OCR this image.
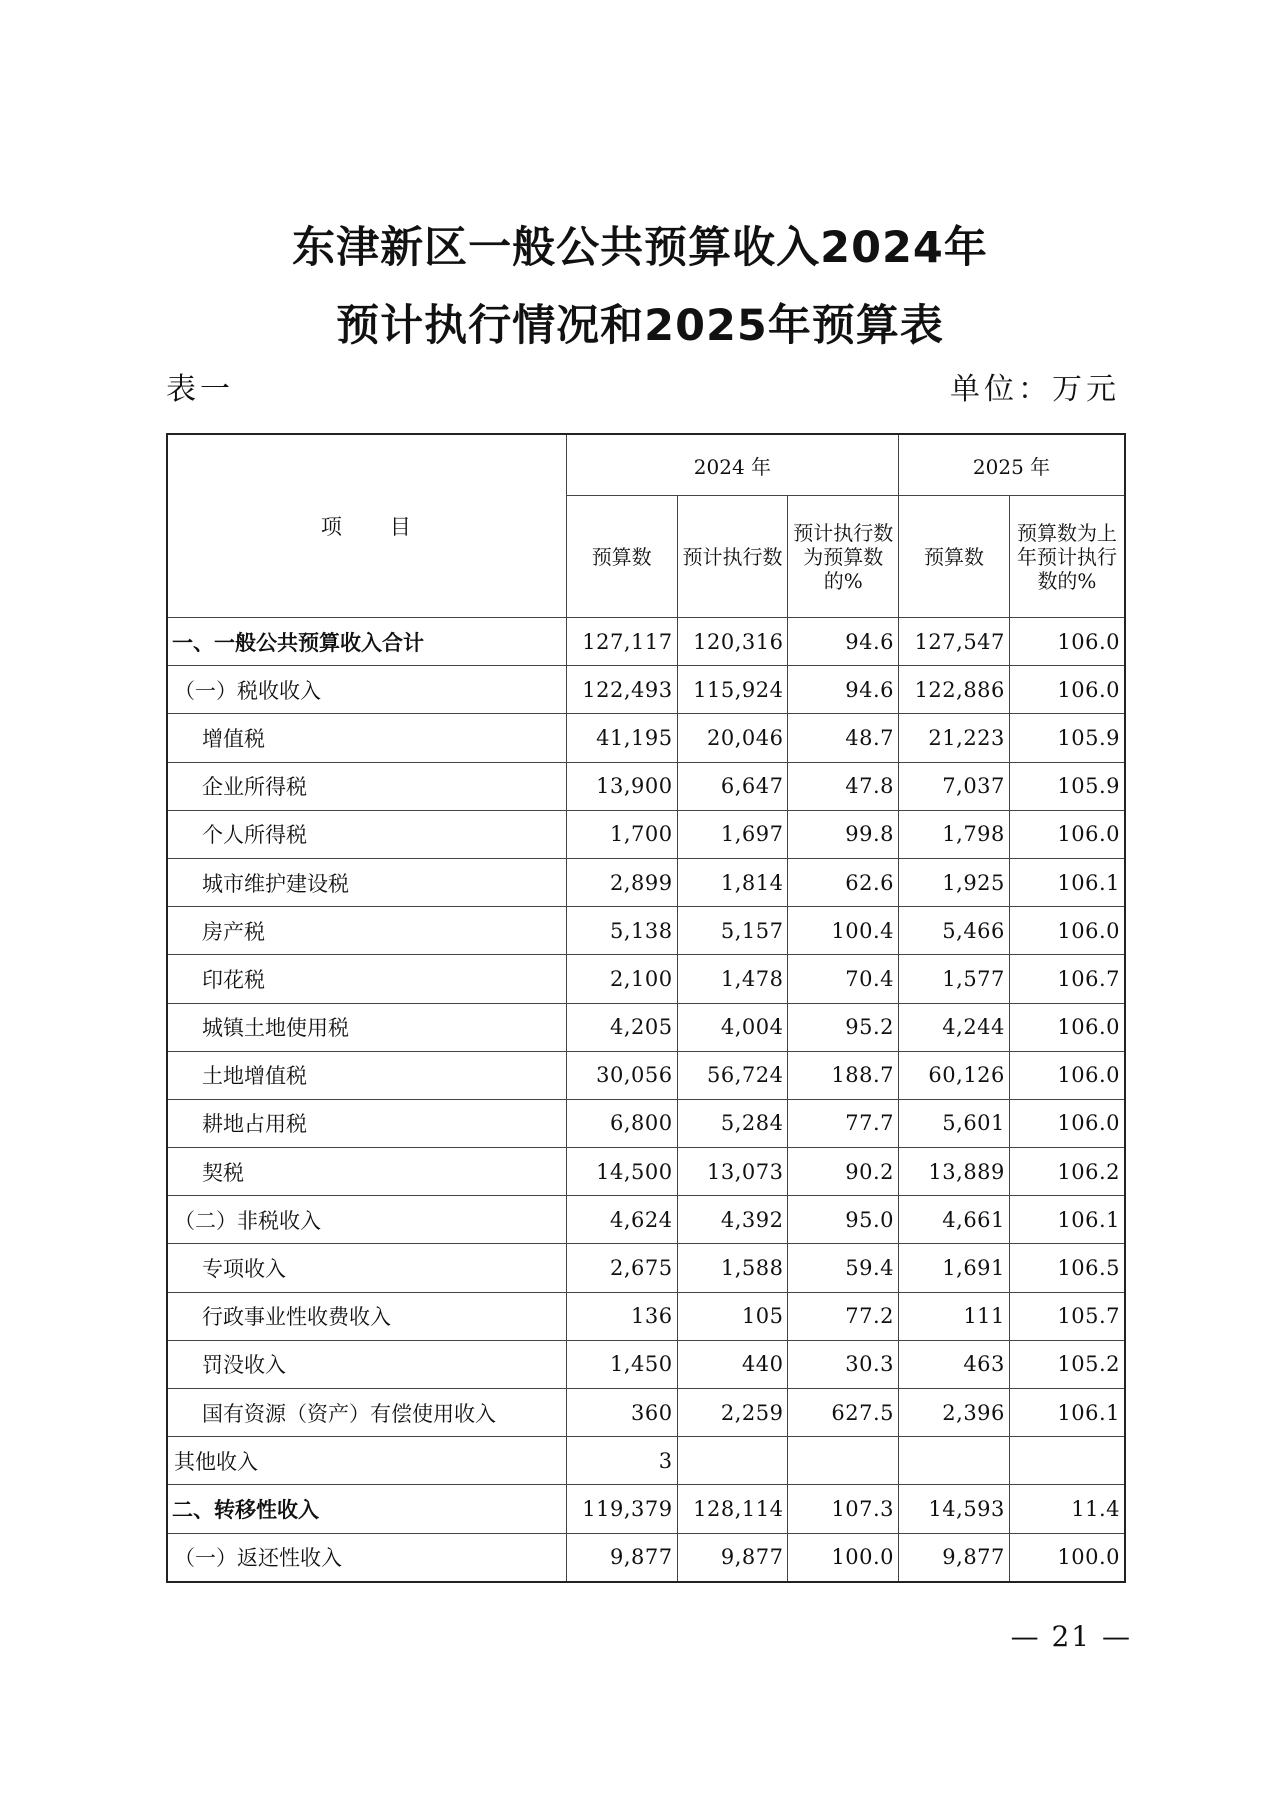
东津新区一般公共预算收入2024年
预计执行情况和2025年预算表
表一	单位：万元
项　　目	2024 年			2025 年	
	预算数	预计执行数	预计执行数为预算数的%	预算数	预算数为上年预计执行数的%
一、一般公共预算收入合计	127,117	120,316	94.6	127,547	106.0
（一）税收收入	122,493	115,924	94.6	122,886	106.0
增值税	41,195	20,046	48.7	21,223	105.9
企业所得税	13,900	6,647	47.8	7,037	105.9
个人所得税	1,700	1,697	99.8	1,798	106.0
城市维护建设税	2,899	1,814	62.6	1,925	106.1
房产税	5,138	5,157	100.4	5,466	106.0
印花税	2,100	1,478	70.4	1,577	106.7
城镇土地使用税	4,205	4,004	95.2	4,244	106.0
土地增值税	30,056	56,724	188.7	60,126	106.0
耕地占用税	6,800	5,284	77.7	5,601	106.0
契税	14,500	13,073	90.2	13,889	106.2
（二）非税收入	4,624	4,392	95.0	4,661	106.1
专项收入	2,675	1,588	59.4	1,691	106.5
行政事业性收费收入	136	105	77.2	111	105.7
罚没收入	1,450	440	30.3	463	105.2
国有资源（资产）有偿使用收入	360	2,259	627.5	2,396	106.1
其他收入	3				
二、转移性收入	119,379	128,114	107.3	14,593	11.4
（一）返还性收入	9,877	9,877	100.0	9,877	100.0
— 21 —
